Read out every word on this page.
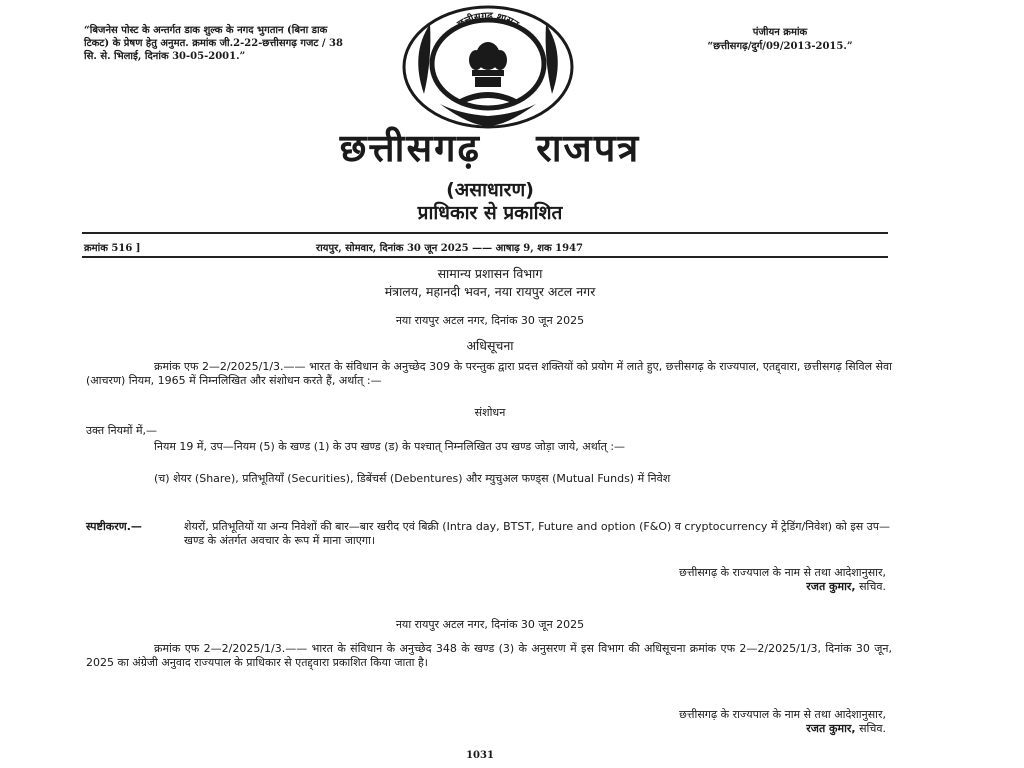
“बिजनेस पोस्ट के अन्तर्गत डाक शुल्क के नगद भुगतान (बिना डाक टिकट) के प्रेषण हेतु अनुमत. क्रमांक जी.2-22-छत्तीसगढ़ गजट / 38 सि. से. भिलाई, दिनांक 30-05-2001.”
पंजीयन क्रमांक
“छत्तीसगढ़/दुर्ग/09/2013-2015.”
छत्तीसगढ़ शासन
छत्तीसगढ़ राजपत्र
(असाधारण)
प्राधिकार से प्रकाशित
क्रमांक 516 ]	रायपुर, सोमवार, दिनांक 30 जून 2025 —— आषाढ़ 9, शक 1947
सामान्य प्रशासन विभाग
मंत्रालय, महानदी भवन, नया रायपुर अटल नगर
नया रायपुर अटल नगर, दिनांक 30 जून 2025
अधिसूचना
क्रमांक एफ 2—2/2025/1/3.—— भारत के संविधान के अनुच्छेद 309 के परन्तुक द्वारा प्रदत्त शक्तियों को प्रयोग में लाते हुए, छत्तीसगढ़ के राज्यपाल, एतद्द्वारा, छत्तीसगढ़ सिविल सेवा (आचरण) नियम, 1965 में निम्नलिखित और संशोधन करते हैं, अर्थात् :—
संशोधन
उक्त नियमों में,—
नियम 19 में, उप—नियम (5) के खण्ड (1) के उप खण्ड (ड) के पश्चात् निम्नलिखित उप खण्ड जोड़ा जाये, अर्थात् :—
(च) शेयर (Share), प्रतिभूतियाँ (Securities), डिबेंचर्स (Debentures) और म्युचुअल फण्ड्स (Mutual Funds) में निवेश
स्पष्टीकरण.—	शेयरों, प्रतिभूतियों या अन्य निवेशों की बार—बार खरीद एवं बिक्री (Intra day, BTST, Future and option (F&O) व cryptocurrency में ट्रेडिंग/निवेश) को इस उप—खण्ड के अंतर्गत अवचार के रूप में माना जाएगा।
छत्तीसगढ़ के राज्यपाल के नाम से तथा आदेशानुसार,
रजत कुमार, सचिव.
नया रायपुर अटल नगर, दिनांक 30 जून 2025
क्रमांक एफ 2—2/2025/1/3.—— भारत के संविधान के अनुच्छेद 348 के खण्ड (3) के अनुसरण में इस विभाग की अधिसूचना क्रमांक एफ 2—2/2025/1/3, दिनांक 30 जून, 2025 का अंग्रेजी अनुवाद राज्यपाल के प्राधिकार से एतद्द्वारा प्रकाशित किया जाता है।
छत्तीसगढ़ के राज्यपाल के नाम से तथा आदेशानुसार,
रजत कुमार, सचिव.
1031
